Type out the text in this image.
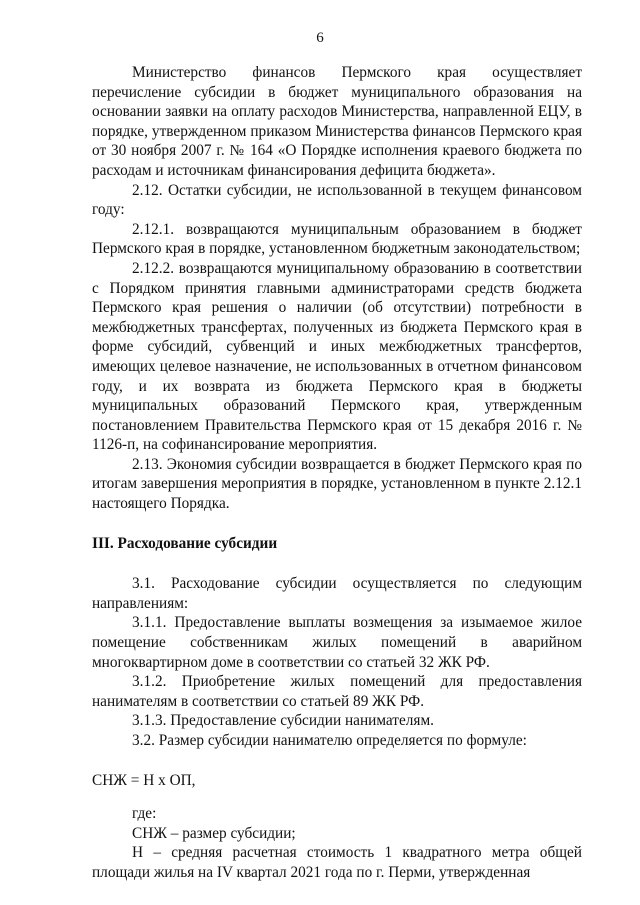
6

Министерство финансов Пермского края осуществляет перечисление субсидии в бюджет муниципального образования на основании заявки на оплату расходов Министерства, направленной ЕЦУ, в порядке, утвержденном приказом Министерства финансов Пермского края от 30 ноября 2007 г. № 164 «О Порядке исполнения краевого бюджета по расходам и источникам финансирования дефицита бюджета».

2.12. Остатки субсидии, не использованной в текущем финансовом году:

2.12.1. возвращаются муниципальным образованием в бюджет Пермского края в порядке, установленном бюджетным законодательством;

2.12.2. возвращаются муниципальному образованию в соответствии с Порядком принятия главными администраторами средств бюджета Пермского края решения о наличии (об отсутствии) потребности в межбюджетных трансфертах, полученных из бюджета Пермского края в форме субсидий, субвенций и иных межбюджетных трансфертов, имеющих целевое назначение, не использованных в отчетном финансовом году, и их возврата из бюджета Пермского края в бюджеты муниципальных образований Пермского края, утвержденным постановлением Правительства Пермского края от 15 декабря 2016 г. № 1126-п, на софинансирование мероприятия.

2.13. Экономия субсидии возвращается в бюджет Пермского края по итогам завершения мероприятия в порядке, установленном в пункте 2.12.1 настоящего Порядка.

III. Расходование субсидии

3.1. Расходование субсидии осуществляется по следующим направлениям:

3.1.1. Предоставление выплаты возмещения за изымаемое жилое помещение собственникам жилых помещений в аварийном многоквартирном доме в соответствии со статьей 32 ЖК РФ.

3.1.2. Приобретение жилых помещений для предоставления нанимателям в соответствии со статьей 89 ЖК РФ.

3.1.3. Предоставление субсидии нанимателям.

3.2. Размер субсидии нанимателю определяется по формуле:

СНЖ = Н х ОП,

где:

СНЖ – размер субсидии;

Н – средняя расчетная стоимость 1 квадратного метра общей площади жилья на IV квартал 2021 года по г. Перми, утвержденная
